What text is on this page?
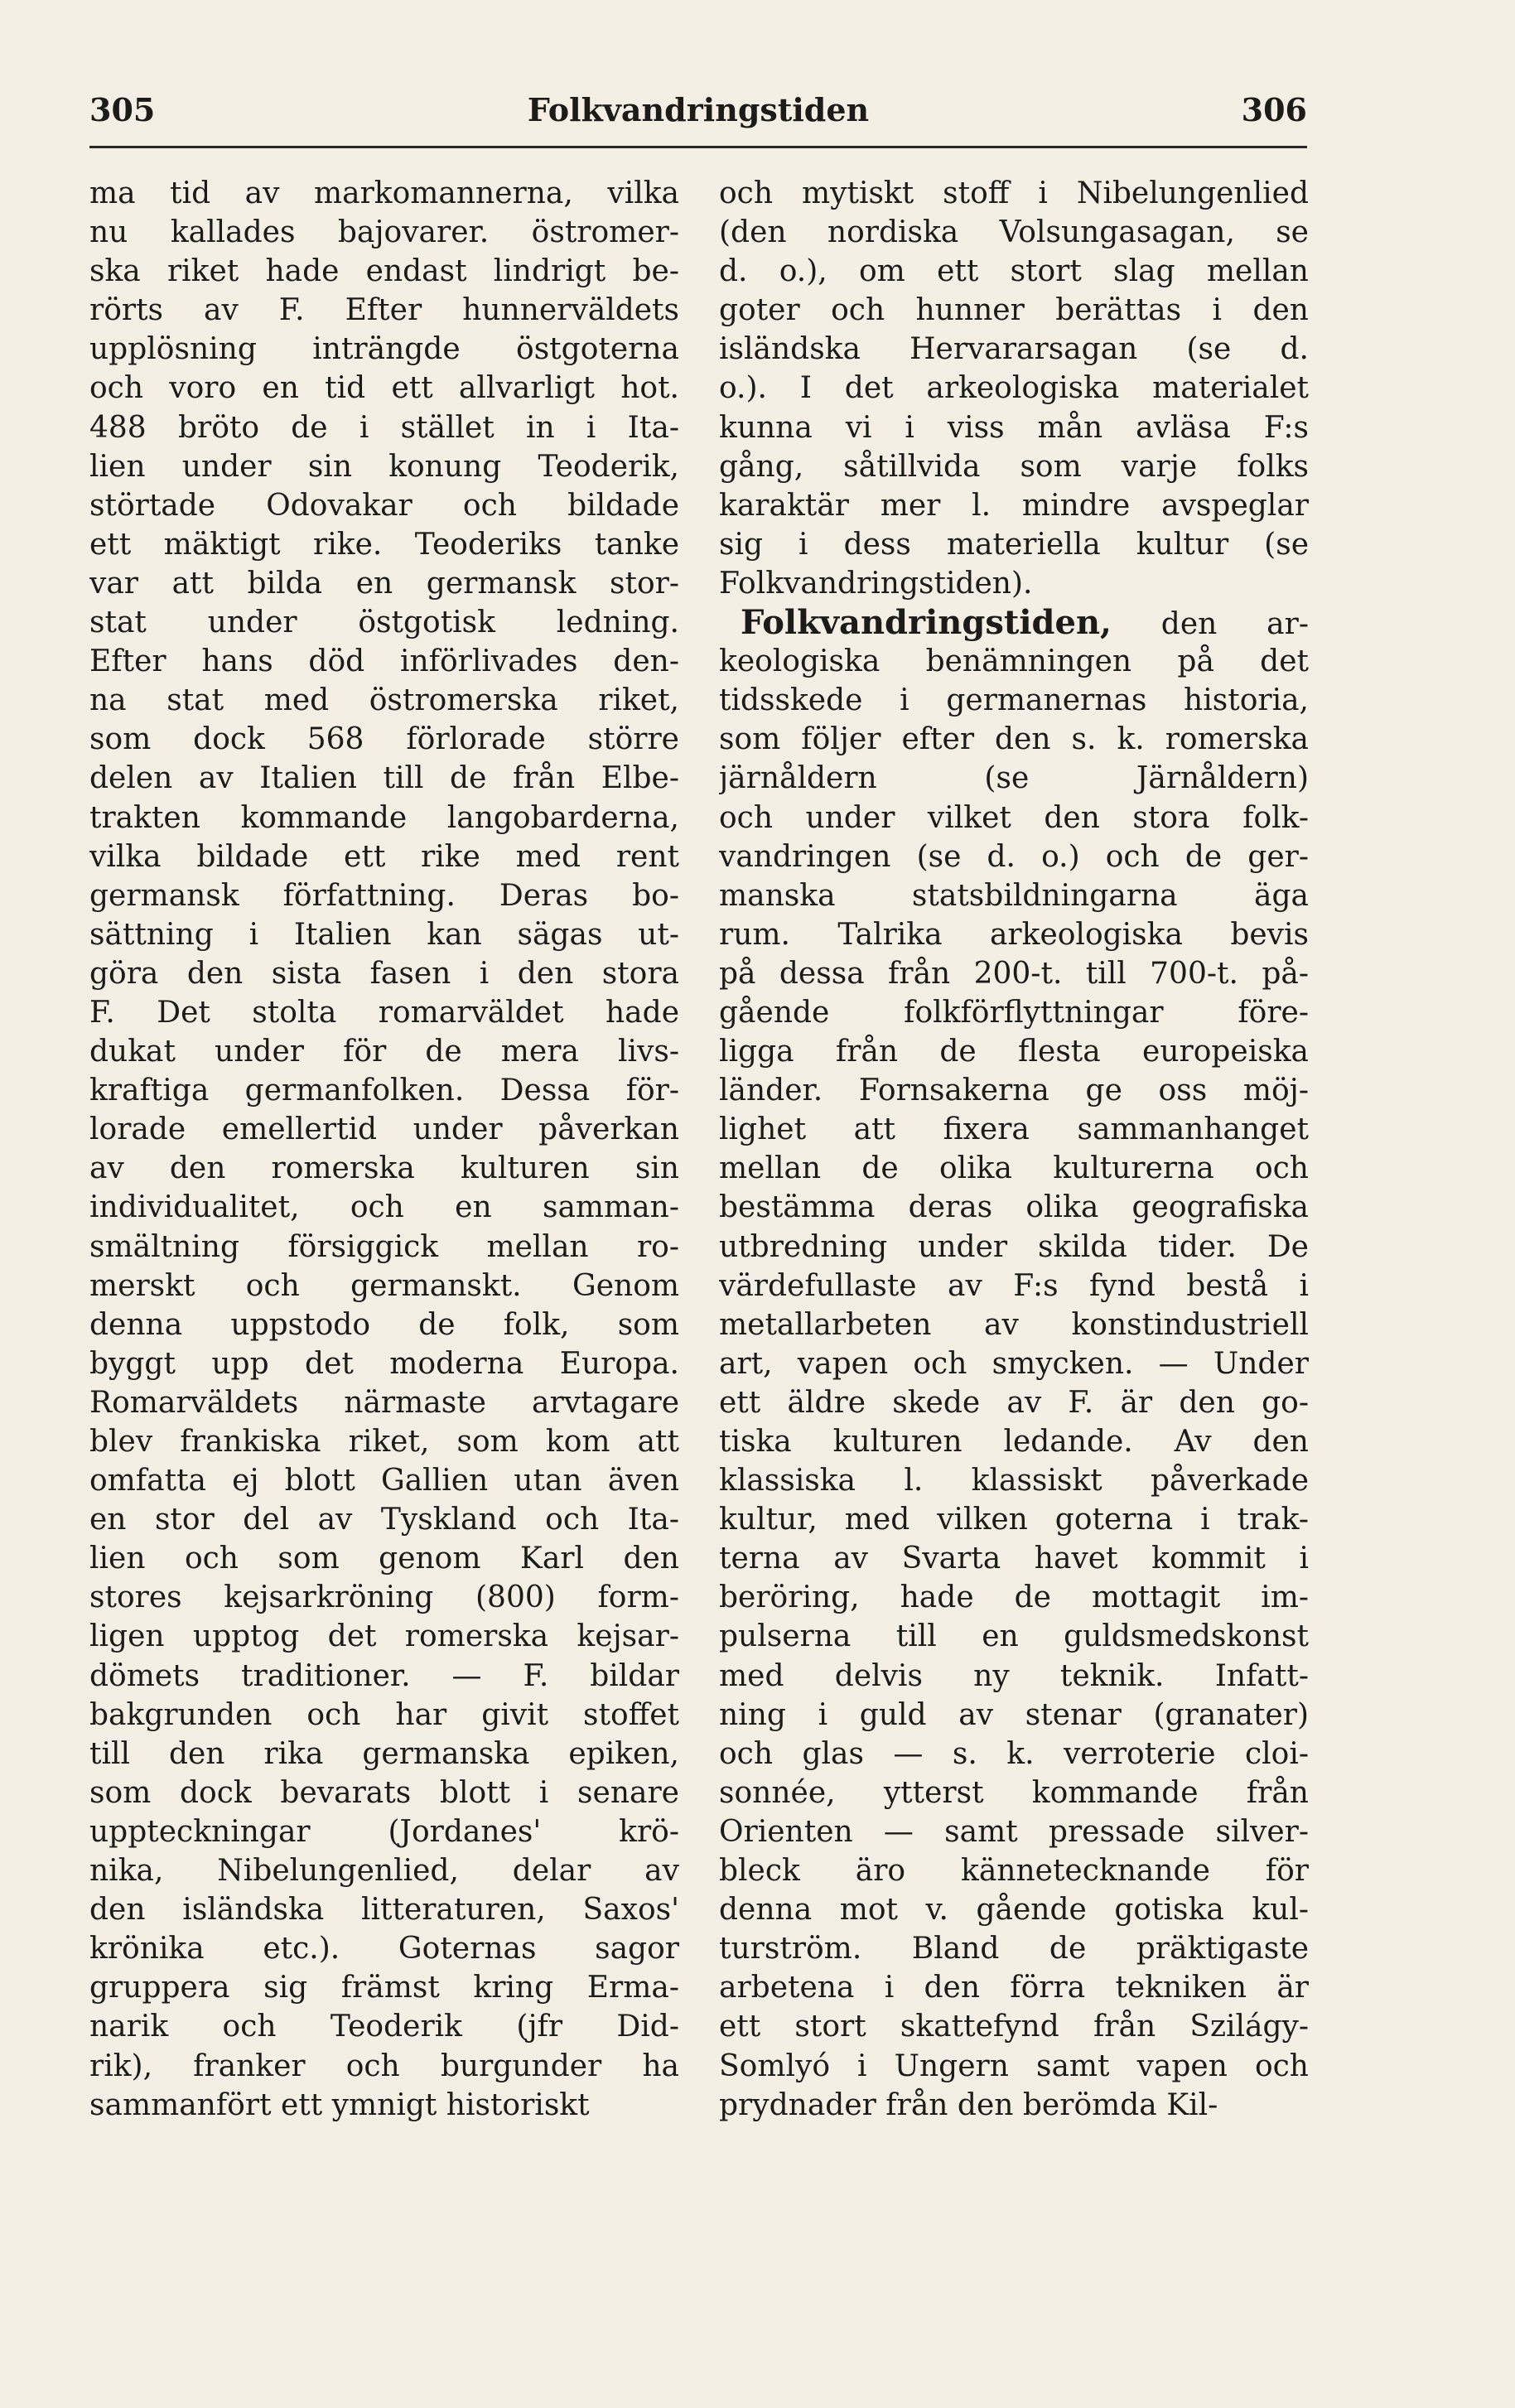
305	Folkvandringstiden	306
ma tid av markomannerna, vilka
nu kallades bajovarer. östromer-
ska riket hade endast lindrigt be-
rörts av F. Efter hunnerväldets
upplösning inträngde östgoterna
och voro en tid ett allvarligt hot.
488 bröto de i stället in i Ita-
lien under sin konung Teoderik,
störtade Odovakar och bildade
ett mäktigt rike. Teoderiks tanke
var att bilda en germansk stor-
stat under östgotisk ledning.
Efter hans död införlivades den-
na stat med östromerska riket,
som dock 568 förlorade större
delen av Italien till de från Elbe-
trakten kommande langobarderna,
vilka bildade ett rike med rent
germansk författning. Deras bo-
sättning i Italien kan sägas ut-
göra den sista fasen i den stora
F. Det stolta romarväldet hade
dukat under för de mera livs-
kraftiga germanfolken. Dessa för-
lorade emellertid under påverkan
av den romerska kulturen sin
individualitet, och en samman-
smältning försiggick mellan ro-
merskt och germanskt. Genom
denna uppstodo de folk, som
byggt upp det moderna Europa.
Romarväldets närmaste arvtagare
blev frankiska riket, som kom att
omfatta ej blott Gallien utan även
en stor del av Tyskland och Ita-
lien och som genom Karl den
stores kejsarkröning (800) form-
ligen upptog det romerska kejsar-
dömets traditioner. — F. bildar
bakgrunden och har givit stoffet
till den rika germanska epiken,
som dock bevarats blott i senare
uppteckningar (Jordanes' krö-
nika, Nibelungenlied, delar av
den isländska litteraturen, Saxos'
krönika etc.). Goternas sagor
gruppera sig främst kring Erma-
narik och Teoderik (jfr Did-
rik), franker och burgunder ha
sammanfört ett ymnigt historiskt
och mytiskt stoff i Nibelungenlied
(den nordiska Volsungasagan, se
d. o.), om ett stort slag mellan
goter och hunner berättas i den
isländska Hervararsagan (se d.
o.). I det arkeologiska materialet
kunna vi i viss mån avläsa F:s
gång, såtillvida som varje folks
karaktär mer l. mindre avspeglar
sig i dess materiella kultur (se
Folkvandringstiden).
Folkvandringstiden, den ar-
keologiska benämningen på det
tidsskede i germanernas historia,
som följer efter den s. k. romerska
järnåldern (se Järnåldern)
och under vilket den stora folk-
vandringen (se d. o.) och de ger-
manska statsbildningarna äga
rum. Talrika arkeologiska bevis
på dessa från 200-t. till 700-t. på-
gående folkförflyttningar före-
ligga från de flesta europeiska
länder. Fornsakerna ge oss möj-
lighet att fixera sammanhanget
mellan de olika kulturerna och
bestämma deras olika geografiska
utbredning under skilda tider. De
värdefullaste av F:s fynd bestå i
metallarbeten av konstindustriell
art, vapen och smycken. — Under
ett äldre skede av F. är den go-
tiska kulturen ledande. Av den
klassiska l. klassiskt påverkade
kultur, med vilken goterna i trak-
terna av Svarta havet kommit i
beröring, hade de mottagit im-
pulserna till en guldsmedskonst
med delvis ny teknik. Infatt-
ning i guld av stenar (granater)
och glas — s. k. verroterie cloi-
sonnée, ytterst kommande från
Orienten — samt pressade silver-
bleck äro kännetecknande för
denna mot v. gående gotiska kul-
turström. Bland de präktigaste
arbetena i den förra tekniken är
ett stort skattefynd från Szilágy-
Somlyó i Ungern samt vapen och
prydnader från den berömda Kil-
